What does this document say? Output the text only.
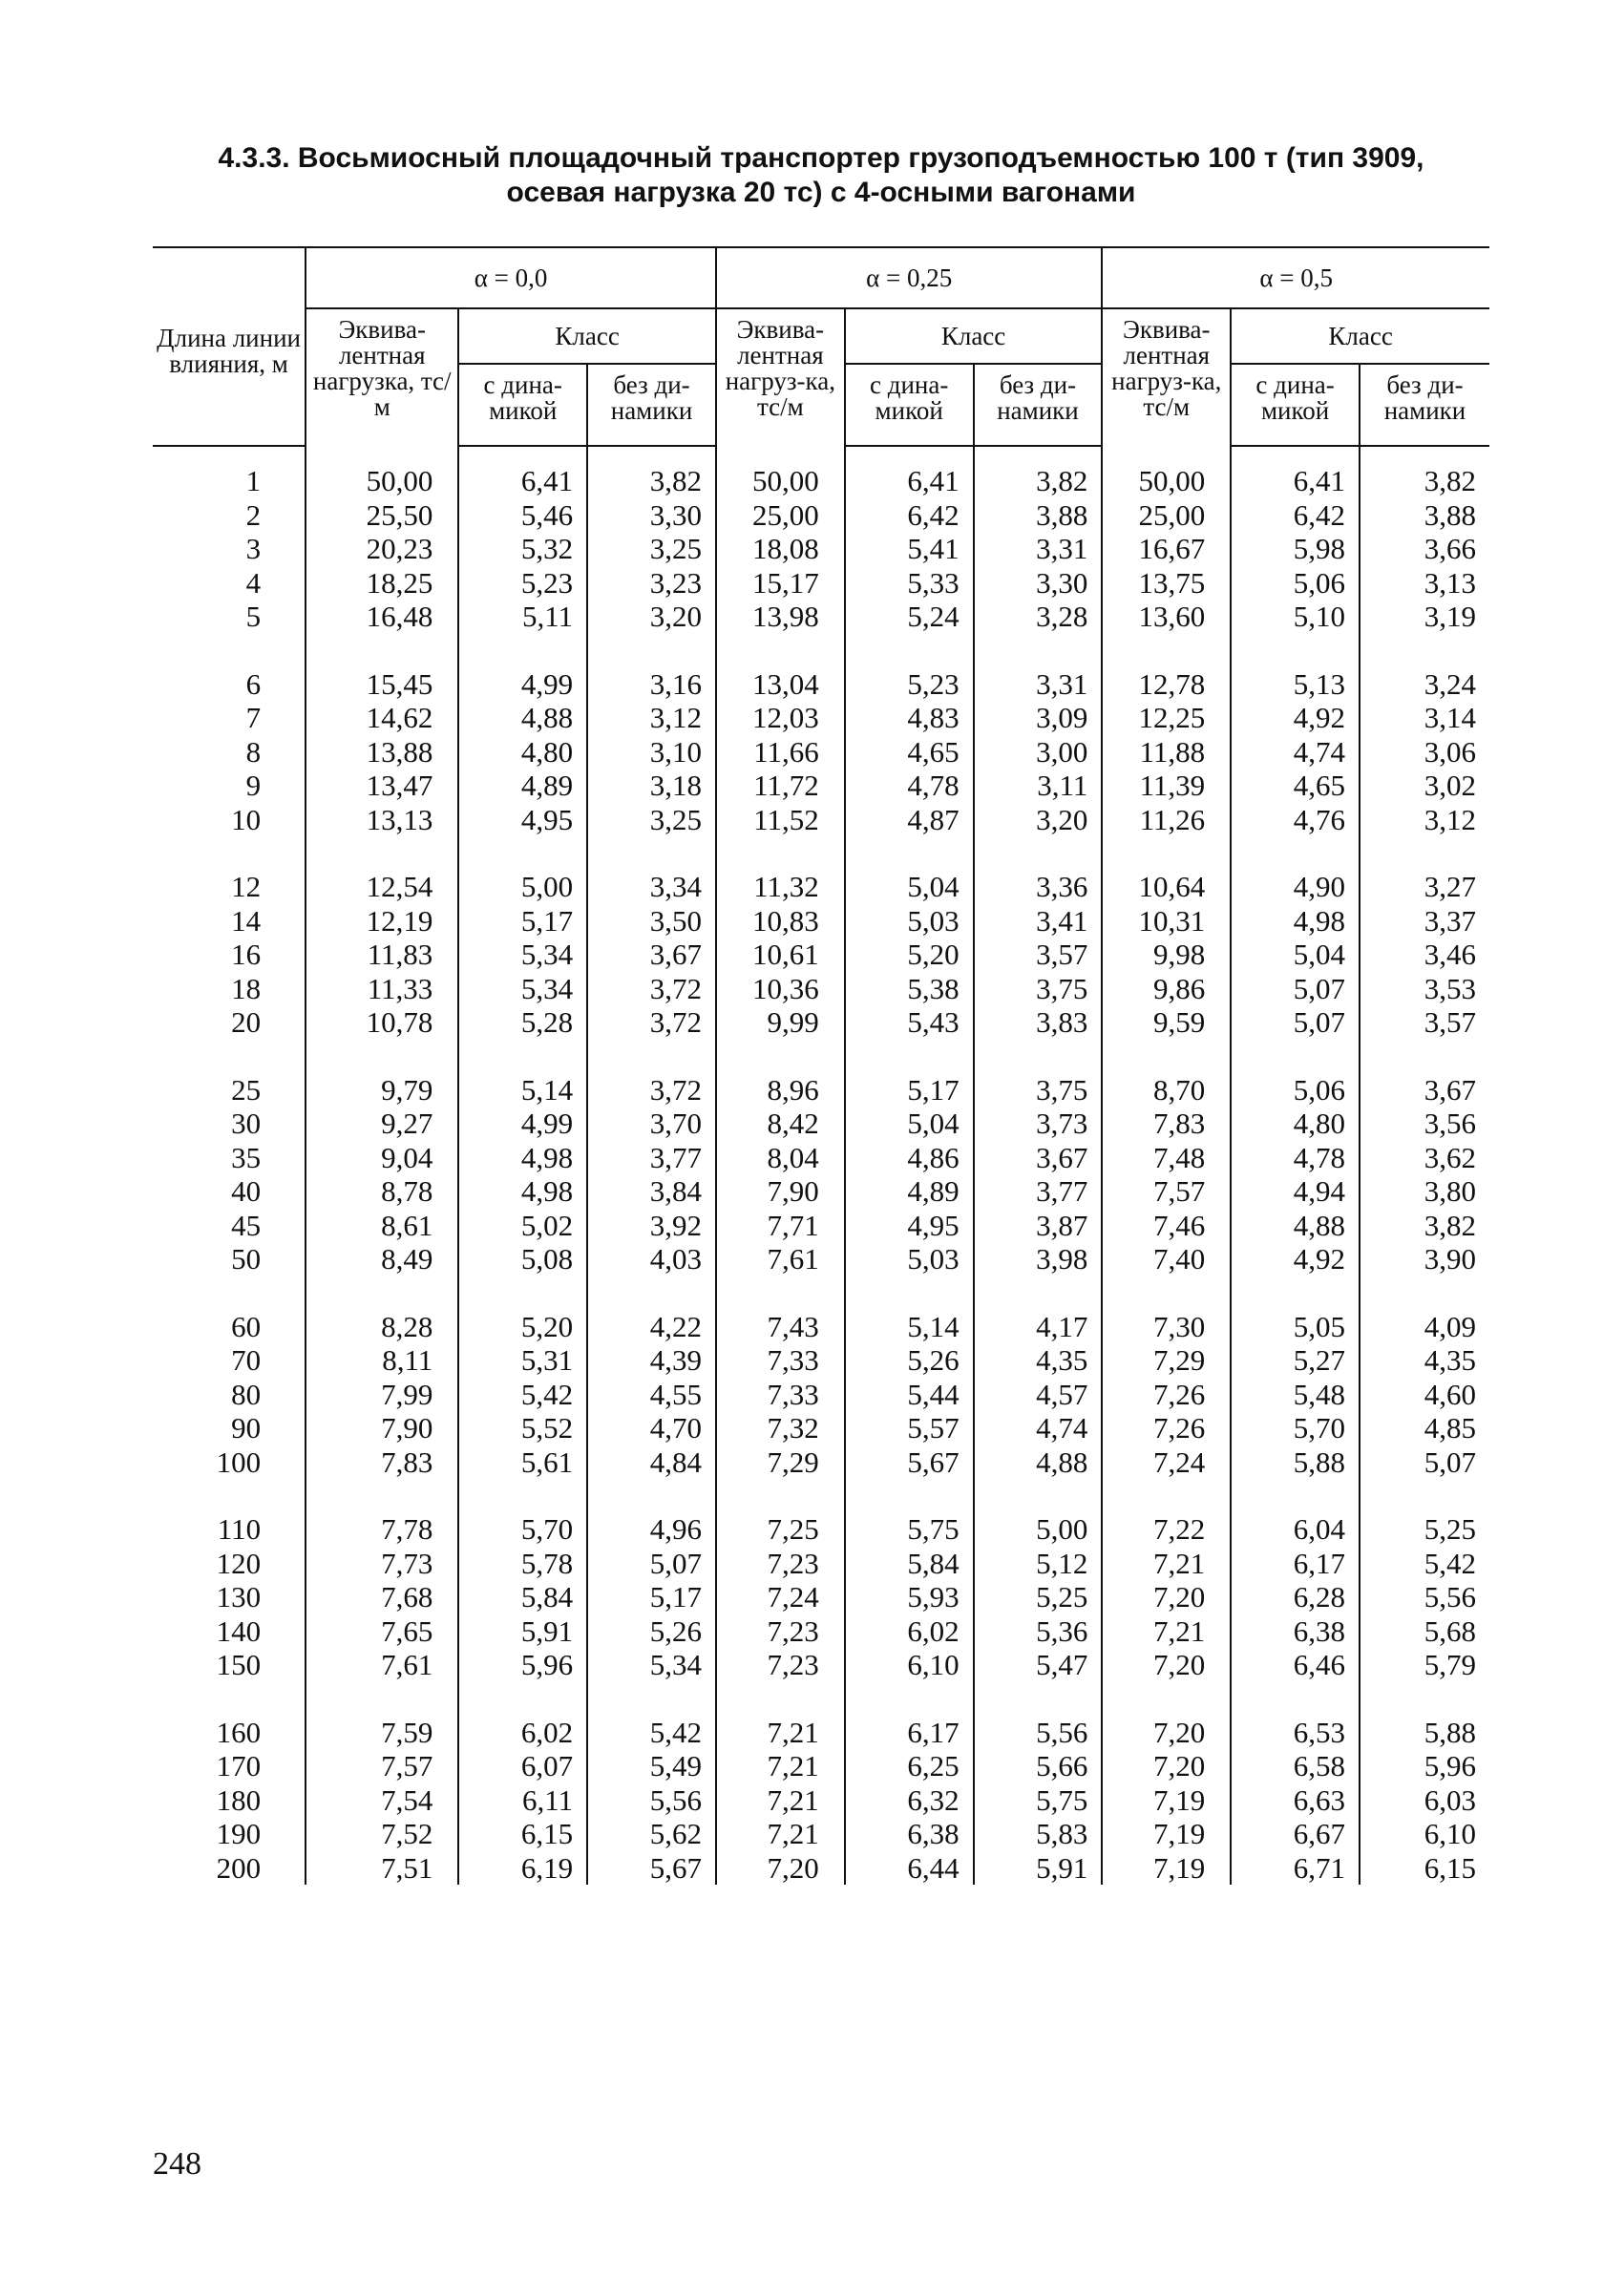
4.3.3. Восьмиосный площадочный транспортер грузоподъемностью 100 т (тип 3909,
осевая нагрузка 20 тс) с 4-осными вагонами
Длина линии влияния, м	α = 0,0			α = 0,25			α = 0,5		
	Эквива-лентная нагрузка, тс/м	Класс		Эквива-лентная нагруз-ка, тс/м	Класс		Эквива-лентная нагруз-ка, тс/м	Класс	
		с дина-микой	без ди-намики		с дина-микой	без ди-намики		с дина-микой	без ди-намики
1	50,00	6,41	3,82	50,00	6,41	3,82	50,00	6,41	3,82
2	25,50	5,46	3,30	25,00	6,42	3,88	25,00	6,42	3,88
3	20,23	5,32	3,25	18,08	5,41	3,31	16,67	5,98	3,66
4	18,25	5,23	3,23	15,17	5,33	3,30	13,75	5,06	3,13
5	16,48	5,11	3,20	13,98	5,24	3,28	13,60	5,10	3,19
6	15,45	4,99	3,16	13,04	5,23	3,31	12,78	5,13	3,24
7	14,62	4,88	3,12	12,03	4,83	3,09	12,25	4,92	3,14
8	13,88	4,80	3,10	11,66	4,65	3,00	11,88	4,74	3,06
9	13,47	4,89	3,18	11,72	4,78	3,11	11,39	4,65	3,02
10	13,13	4,95	3,25	11,52	4,87	3,20	11,26	4,76	3,12
12	12,54	5,00	3,34	11,32	5,04	3,36	10,64	4,90	3,27
14	12,19	5,17	3,50	10,83	5,03	3,41	10,31	4,98	3,37
16	11,83	5,34	3,67	10,61	5,20	3,57	9,98	5,04	3,46
18	11,33	5,34	3,72	10,36	5,38	3,75	9,86	5,07	3,53
20	10,78	5,28	3,72	9,99	5,43	3,83	9,59	5,07	3,57
25	9,79	5,14	3,72	8,96	5,17	3,75	8,70	5,06	3,67
30	9,27	4,99	3,70	8,42	5,04	3,73	7,83	4,80	3,56
35	9,04	4,98	3,77	8,04	4,86	3,67	7,48	4,78	3,62
40	8,78	4,98	3,84	7,90	4,89	3,77	7,57	4,94	3,80
45	8,61	5,02	3,92	7,71	4,95	3,87	7,46	4,88	3,82
50	8,49	5,08	4,03	7,61	5,03	3,98	7,40	4,92	3,90
60	8,28	5,20	4,22	7,43	5,14	4,17	7,30	5,05	4,09
70	8,11	5,31	4,39	7,33	5,26	4,35	7,29	5,27	4,35
80	7,99	5,42	4,55	7,33	5,44	4,57	7,26	5,48	4,60
90	7,90	5,52	4,70	7,32	5,57	4,74	7,26	5,70	4,85
100	7,83	5,61	4,84	7,29	5,67	4,88	7,24	5,88	5,07
110	7,78	5,70	4,96	7,25	5,75	5,00	7,22	6,04	5,25
120	7,73	5,78	5,07	7,23	5,84	5,12	7,21	6,17	5,42
130	7,68	5,84	5,17	7,24	5,93	5,25	7,20	6,28	5,56
140	7,65	5,91	5,26	7,23	6,02	5,36	7,21	6,38	5,68
150	7,61	5,96	5,34	7,23	6,10	5,47	7,20	6,46	5,79
160	7,59	6,02	5,42	7,21	6,17	5,56	7,20	6,53	5,88
170	7,57	6,07	5,49	7,21	6,25	5,66	7,20	6,58	5,96
180	7,54	6,11	5,56	7,21	6,32	5,75	7,19	6,63	6,03
190	7,52	6,15	5,62	7,21	6,38	5,83	7,19	6,67	6,10
200	7,51	6,19	5,67	7,20	6,44	5,91	7,19	6,71	6,15
248
